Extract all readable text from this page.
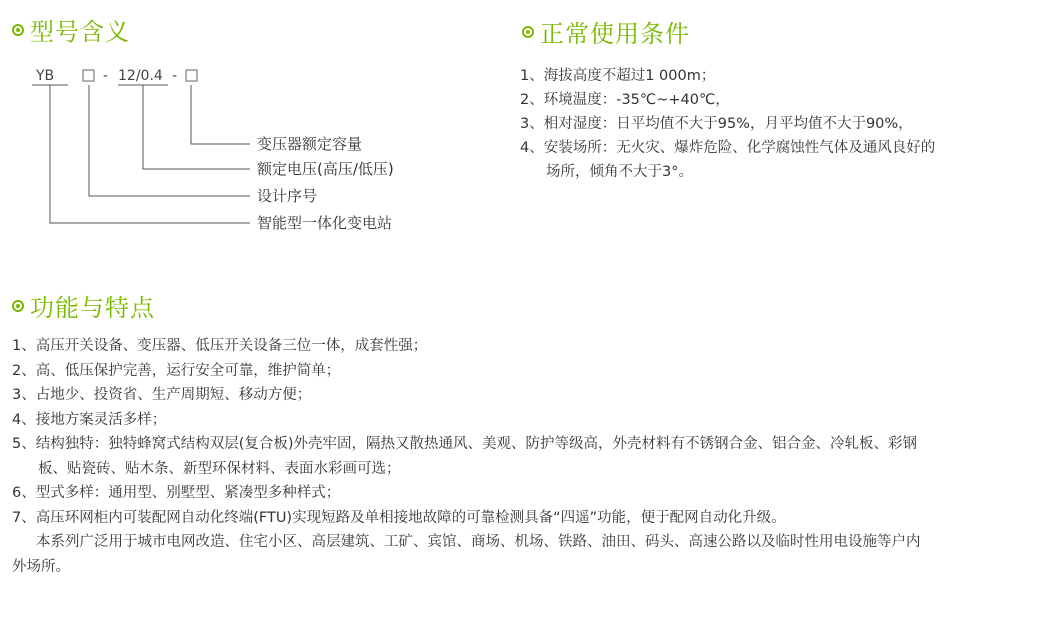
型号含义
YB	- 12/0.4 -
变压器额定容量
额定电压(高压/低压)
设计序号
智能型一体化变电站
正常使用条件
1、海拔高度不超过1 000m；
2、环境温度：-35℃~+40℃，
3、相对湿度：日平均值不大于95%，月平均值不大于90%，
4、安装场所：无火灾、爆炸危险、化学腐蚀性气体及通风良好的
场所，倾角不大于3°。
功能与特点
1、高压开关设备、变压器、低压开关设备三位一体，成套性强；
2、高、低压保护完善，运行安全可靠，维护简单；
3、占地少、投资省、生产周期短、移动方便；
4、接地方案灵活多样；
5、结构独特：独特蜂窝式结构双层(复合板)外壳牢固，隔热又散热通风、美观、防护等级高，外壳材料有不锈钢合金、铝合金、冷轧板、彩钢
板、贴瓷砖、贴木条、新型环保材料、表面水彩画可选；
6、型式多样：通用型、别墅型、紧凑型多种样式；
7、高压环网柜内可装配网自动化终端(FTU)实现短路及单相接地故障的可靠检测具备“四遥”功能，便于配网自动化升级。
本系列广泛用于城市电网改造、住宅小区、高层建筑、工矿、宾馆、商场、机场、铁路、油田、码头、高速公路以及临时性用电设施等户内
外场所。
